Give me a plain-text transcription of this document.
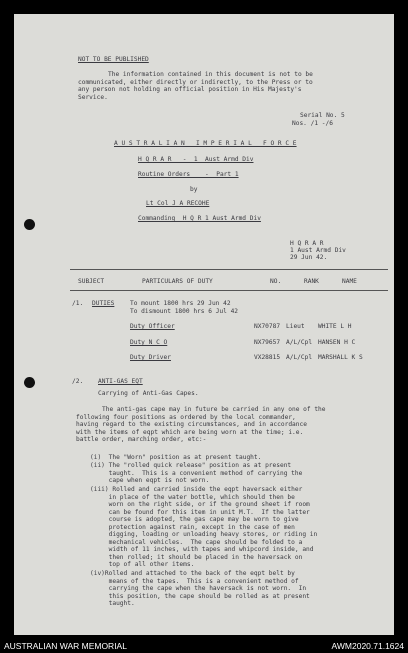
NOT TO BE PUBLISHED
The information contained in this document is not to be
communicated, either directly or indirectly, to the Press or to
any person not holding an official position in His Majesty's
Service.
Serial No. 5
Nos. /1 -/6
A U S T R A L I A N   I M P E R I A L   F O R C E
H Q R A R   -  1  Aust Armd Div
Routine Orders    -  Part 1
by
Lt Col J A RECOHE
Commanding  H Q R 1 Aust Armd Div
H Q R A R
1 Aust Armd Div
29 Jun 42.
SUBJECT	PARTICULARS OF DUTY	NO.	RANK	NAME
/1. DUTIES	To mount 1800 hrs 29 Jun 42
To dismount 1800 hrs 6 Jul 42
Duty Officer	NX70787 Lieut WHITE L H
Duty N C O	NX79657 A/L/Cpl HANSEN H C
Duty Driver	VX28815 A/L/Cpl MARSHALL K S
/2. ANTI-GAS EQT
Carrying of Anti-Gas Capes.
The anti-gas cape may in future be carried in any one of the
following four positions as ordered by the local commander,
having regard to the existing circumstances, and in accordance
with the items of eqpt which are being worn at the time; i.e.
battle order, marching order, etc:-
(i)  The "Worn" position as at present taught.
(ii) The "rolled quick release" position as at present
taught.  This is a convenient method of carrying the
cape when eqpt is not worn.
(iii) Rolled and carried inside the eqpt haversack either
in place of the water bottle, which should then be
worn on the right side, or if the ground sheet if room
can be found for this item in unit M.T.  If the latter
course is adopted, the gas cape may be worn to give
protection against rain, except in the case of men
digging, loading or unloading heavy stores, or riding in
mechanical vehicles.  The cape should be folded to a
width of 11 inches, with tapes and whipcord inside, and
then rolled; it should be placed in the haversack on
top of all other items.
(iv)Rolled and attached to the back of the eqpt belt by
means of the tapes.  This is a convenient method of
carrying the cape when the haversack is not worn.  In
this position, the cape should be rolled as at present
taught.
AUSTRALIAN WAR MEMORIAL	AWM2020.71.1624
